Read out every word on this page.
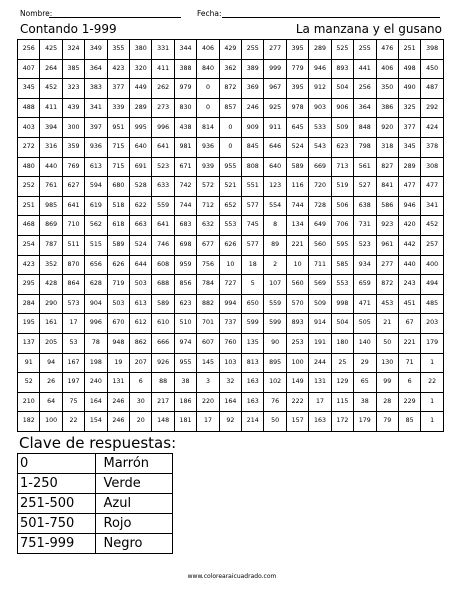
Nombre:	Fecha:
Contando 1-999	La manzana y el gusano
256	425	324	349	355	380	331	344	406	429	255	277	395	289	525	255	476	251	398
407	264	385	364	423	320	411	388	840	362	389	999	779	946	893	441	406	498	450
345	452	323	383	377	449	262	979	0	872	369	967	395	912	504	256	350	490	487
488	411	439	341	339	289	273	830	0	857	246	925	978	903	906	364	386	325	292
403	394	300	397	951	995	996	438	814	0	909	911	645	533	509	848	920	377	424
272	316	359	936	715	640	641	981	936	0	845	646	524	543	623	798	318	345	378
480	440	769	613	715	691	523	671	939	955	808	640	589	669	713	561	827	289	308
252	761	627	594	680	528	633	742	572	521	551	123	116	720	519	527	841	477	477
251	985	641	619	518	622	559	744	712	652	577	554	744	728	506	638	586	946	341
468	869	710	562	618	663	641	683	632	553	745	8	134	649	706	731	923	420	452
254	787	511	515	589	524	746	698	677	626	577	89	221	560	595	523	961	442	257
423	352	870	656	626	644	608	959	756	10	18	2	10	711	585	934	277	440	400
295	428	864	628	719	503	688	856	784	727	5	107	560	569	553	659	872	243	494
284	290	573	904	503	613	589	623	882	994	650	559	570	509	998	471	453	451	485
195	161	17	996	670	612	610	510	701	737	599	599	893	914	504	505	21	67	203
137	205	53	78	948	862	666	974	607	760	135	90	253	191	180	140	50	221	179
91	94	167	198	19	207	926	955	145	103	813	895	100	244	25	29	130	71	1
52	26	197	240	131	6	88	38	3	32	163	102	149	131	129	65	99	6	22
210	64	75	164	246	30	217	186	220	164	163	76	222	17	115	38	28	229	1
182	100	22	154	246	20	148	181	17	92	214	50	157	163	172	179	79	85	1
Clave de respuestas:
0	Marrón
1-250	Verde
251-500	Azul
501-750	Rojo
751-999	Negro
www.colorearaicuadrado.com
